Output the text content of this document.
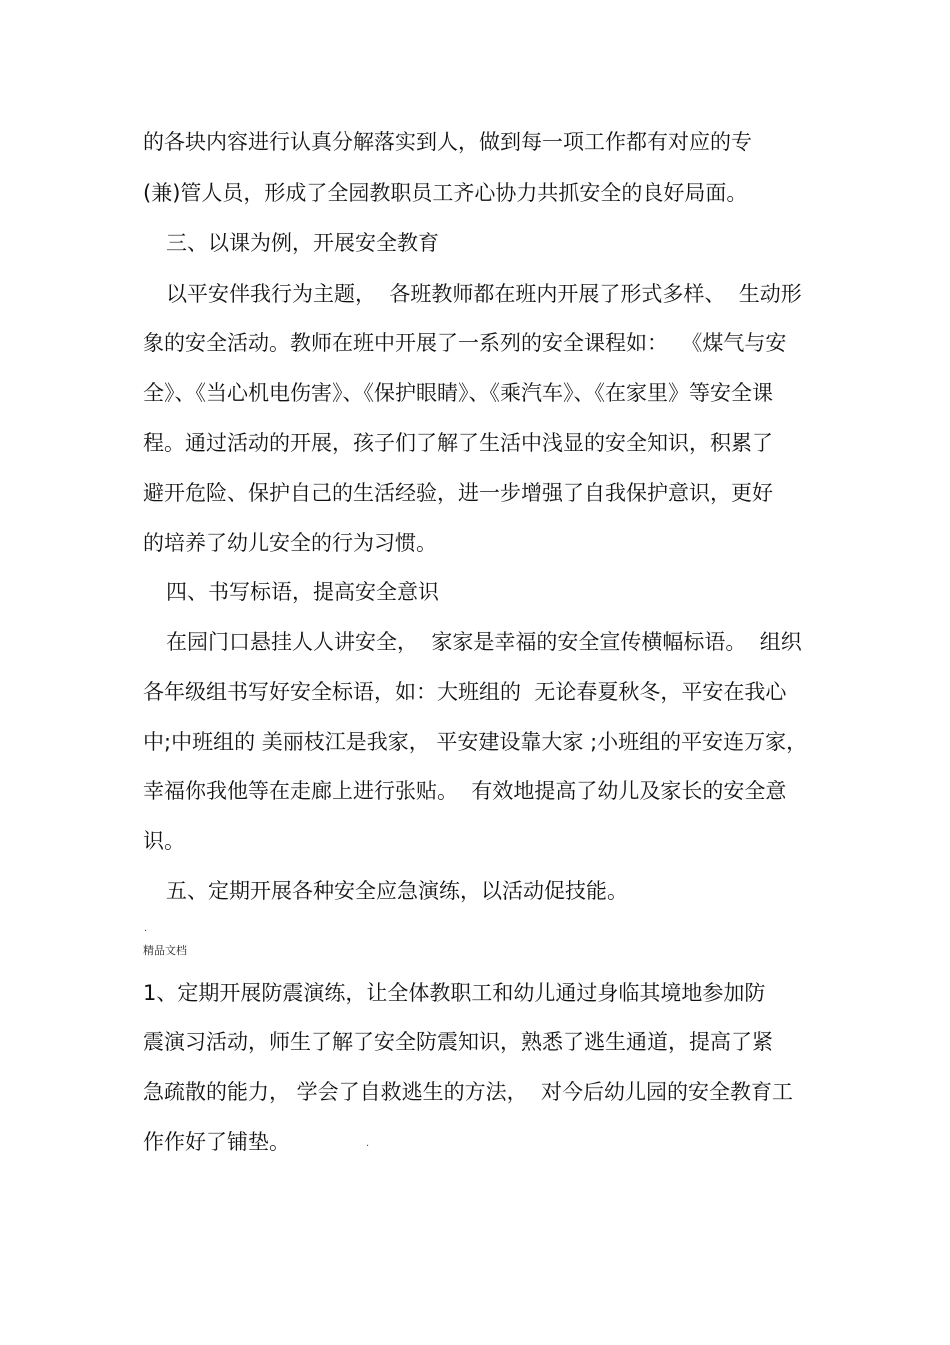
的各块内容进行认真分解落实到人，做到每一项工作都有对应的专
(兼)管人员，形成了全园教职员工齐心协力共抓安全的良好局面。
三、以课为例，开展安全教育
以平安伴我行为主题，  各班教师都在班内开展了形式多样、  生动形
象的安全活动。教师在班中开展了一系列的安全课程如：  《煤气与安
全》、《当心机电伤害》、《保护眼睛》、《乘汽车》、《在家里》等安全课
程。通过活动的开展，孩子们了解了生活中浅显的安全知识，积累了
避开危险、保护自己的生活经验，进一步增强了自我保护意识，更好
的培养了幼儿安全的行为习惯。
四、书写标语，提高安全意识
在园门口悬挂人人讲安全，  家家是幸福的安全宣传横幅标语。  组织
各年级组书写好安全标语，如：大班组的  无论春夏秋冬，平安在我心
中;中班组的 美丽枝江是我家， 平安建设靠大家 ;小班组的平安连万家，
幸福你我他等在走廊上进行张贴。  有效地提高了幼儿及家长的安全意
识。
五、定期开展各种安全应急演练，以活动促技能。
.
精品文档
1、定期开展防震演练，让全体教职工和幼儿通过身临其境地参加防
震演习活动，师生了解了安全防震知识，熟悉了逃生通道，提高了紧
急疏散的能力， 学会了自救逃生的方法，  对今后幼儿园的安全教育工
作作好了铺垫。	.
